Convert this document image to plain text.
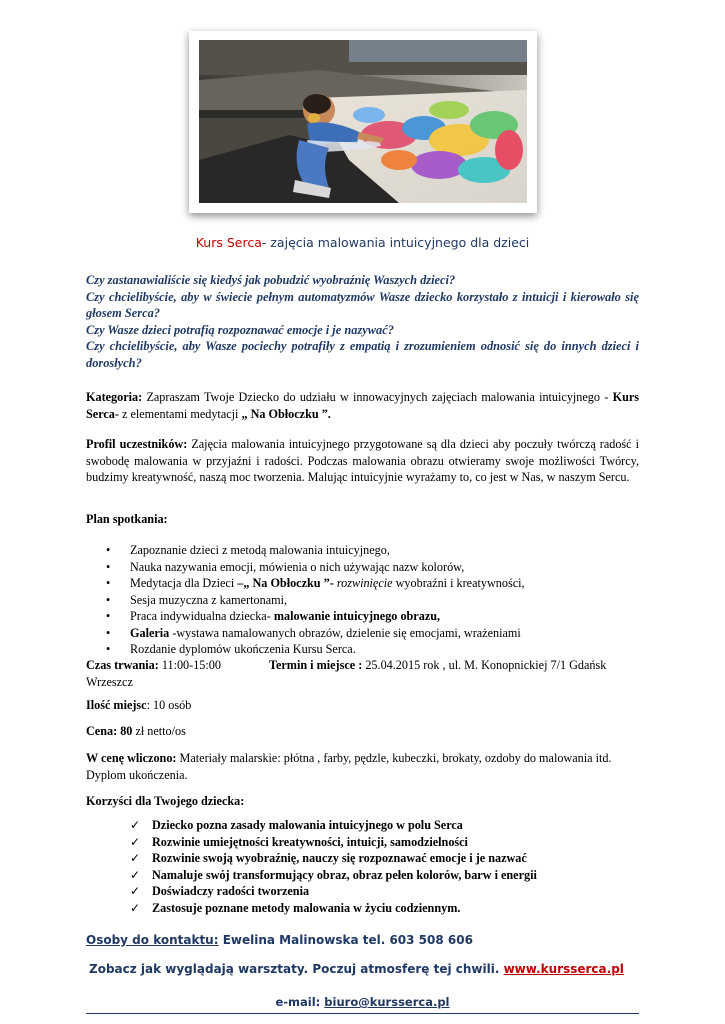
Kurs Serca- zajęcia malowania intuicyjnego dla dzieci

Czy zastanawialiście się kiedyś jak pobudzić wyobraźnię Waszych dzieci?

Czy chcielibyście, aby w świecie pełnym automatyzmów Wasze dziecko korzystało z intuicji i kierowało się głosem Serca?

Czy Wasze dzieci potrafią rozpoznawać emocje i je nazywać?

Czy chcielibyście, aby Wasze pociechy potrafiły z empatią i zrozumieniem odnosić się do innych dzieci i dorosłych?

Kategoria: Zapraszam Twoje Dziecko do udziału w innowacyjnych zajęciach malowania intuicyjnego - Kurs Serca- z elementami medytacji „ Na Obłoczku ”.

Profil uczestników: Zajęcia malowania intuicyjnego przygotowane są dla dzieci aby poczuły twórczą radość i swobodę malowania w przyjaźni i radości. Podczas malowania obrazu otwieramy swoje możliwości Twórcy, budzimy kreatywność, naszą moc tworzenia. Malując intuicyjnie wyrażamy to, co jest w Nas, w naszym Sercu.

Plan spotkania:
• Zapoznanie dzieci z metodą malowania intuicyjnego,
• Nauka nazywania emocji, mówienia o nich używając nazw kolorów,
• Medytacja dla Dzieci –„ Na Obłoczku ”- rozwinięcie wyobraźni i kreatywności,
• Sesja muzyczna z kamertonami,
• Praca indywidualna dziecka- malowanie intuicyjnego obrazu,
• Galeria -wystawa namalowanych obrazów, dzielenie się emocjami, wrażeniami
• Rozdanie dyplomów ukończenia Kursu Serca.

Czas trwania: 11:00-15:00	Termin i miejsce : 25.04.2015 rok , ul. M. Konopnickiej 7/1 Gdańsk

Wrzeszcz

Ilość miejsc: 10 osób

Cena: 80 zł netto/os

W cenę wliczono: Materiały malarskie: płótna , farby, pędzle, kubeczki, brokaty, ozdoby do malowania itd. Dyplom ukończenia.

Korzyści dla Twojego dziecka:
✓ Dziecko pozna zasady malowania intuicyjnego w polu Serca
✓ Rozwinie umiejętności kreatywności, intuicji, samodzielności
✓ Rozwinie swoją wyobraźnię, nauczy się rozpoznawać emocje i je nazwać
✓ Namaluje swój transformujący obraz, obraz pełen kolorów, barw i energii
✓ Doświadczy radości tworzenia
✓ Zastosuje poznane metody malowania w życiu codziennym.
Osoby do kontaktu: Ewelina Malinowska tel. 603 508 606
Zobacz jak wyglądają warsztaty. Poczuj atmosferę tej chwili. www.kursserca.pl
e-mail: biuro@kursserca.pl
